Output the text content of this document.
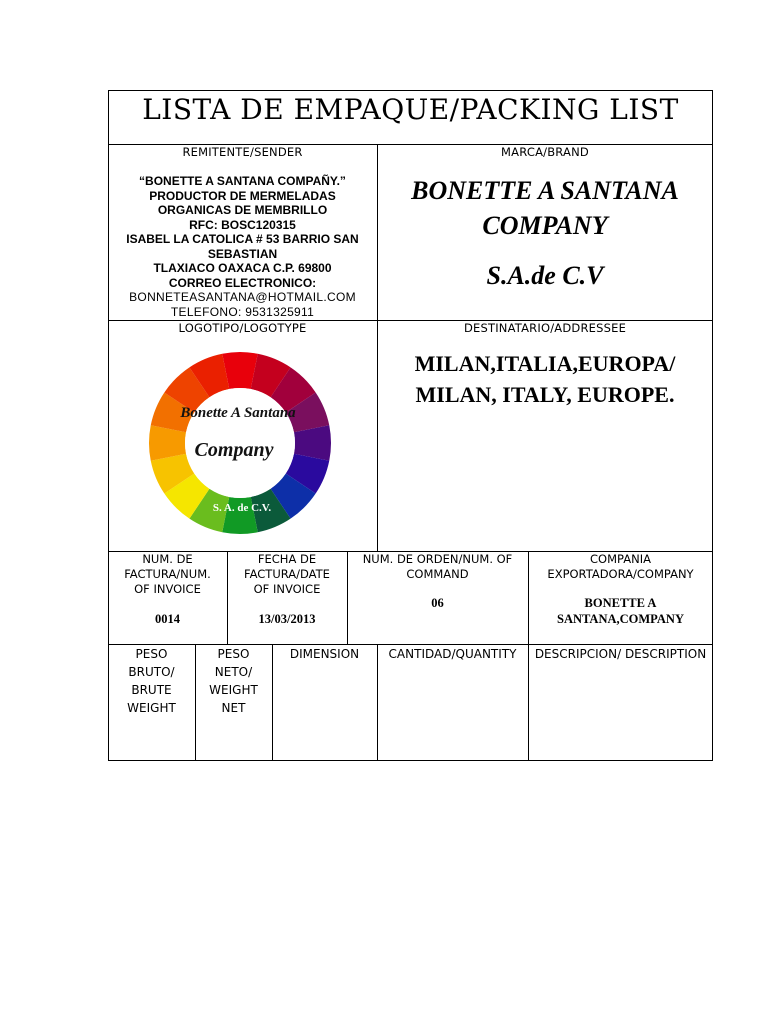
LISTA DE EMPAQUE/PACKING LIST
REMITENTE/SENDER
“BONETTE A SANTANA COMPAÑY.”
PRODUCTOR DE MERMELADAS
ORGANICAS DE MEMBRILLO
RFC: BOSC120315
ISABEL LA CATOLICA # 53 BARRIO SAN
SEBASTIAN
TLAXIACO OAXACA C.P. 69800
CORREO ELECTRONICO:
BONNETEASANTANA@HOTMAIL.COM
TELEFONO: 9531325911
MARCA/BRAND
BONETTE A SANTANA
COMPANY
S.A.de C.V
LOGOTIPO/LOGOTYPE
Bonette A Santana
Company
S. A. de C.V.
DESTINATARIO/ADDRESSEE
MILAN,ITALIA,EUROPA/
MILAN, ITALY, EUROPE.
NUM. DE
FACTURA/NUM.
OF INVOICE
0014
FECHA DE
FACTURA/DATE
OF INVOICE
13/03/2013
NUM. DE ORDEN/NUM. OF
COMMAND
06
COMPANIA
EXPORTADORA/COMPANY
BONETTE A
SANTANA,COMPANY
PESO
BRUTO/
BRUTE
WEIGHT
PESO
NETO/
WEIGHT
NET
DIMENSION	CANTIDAD/QUANTITY	DESCRIPCION/ DESCRIPTION
